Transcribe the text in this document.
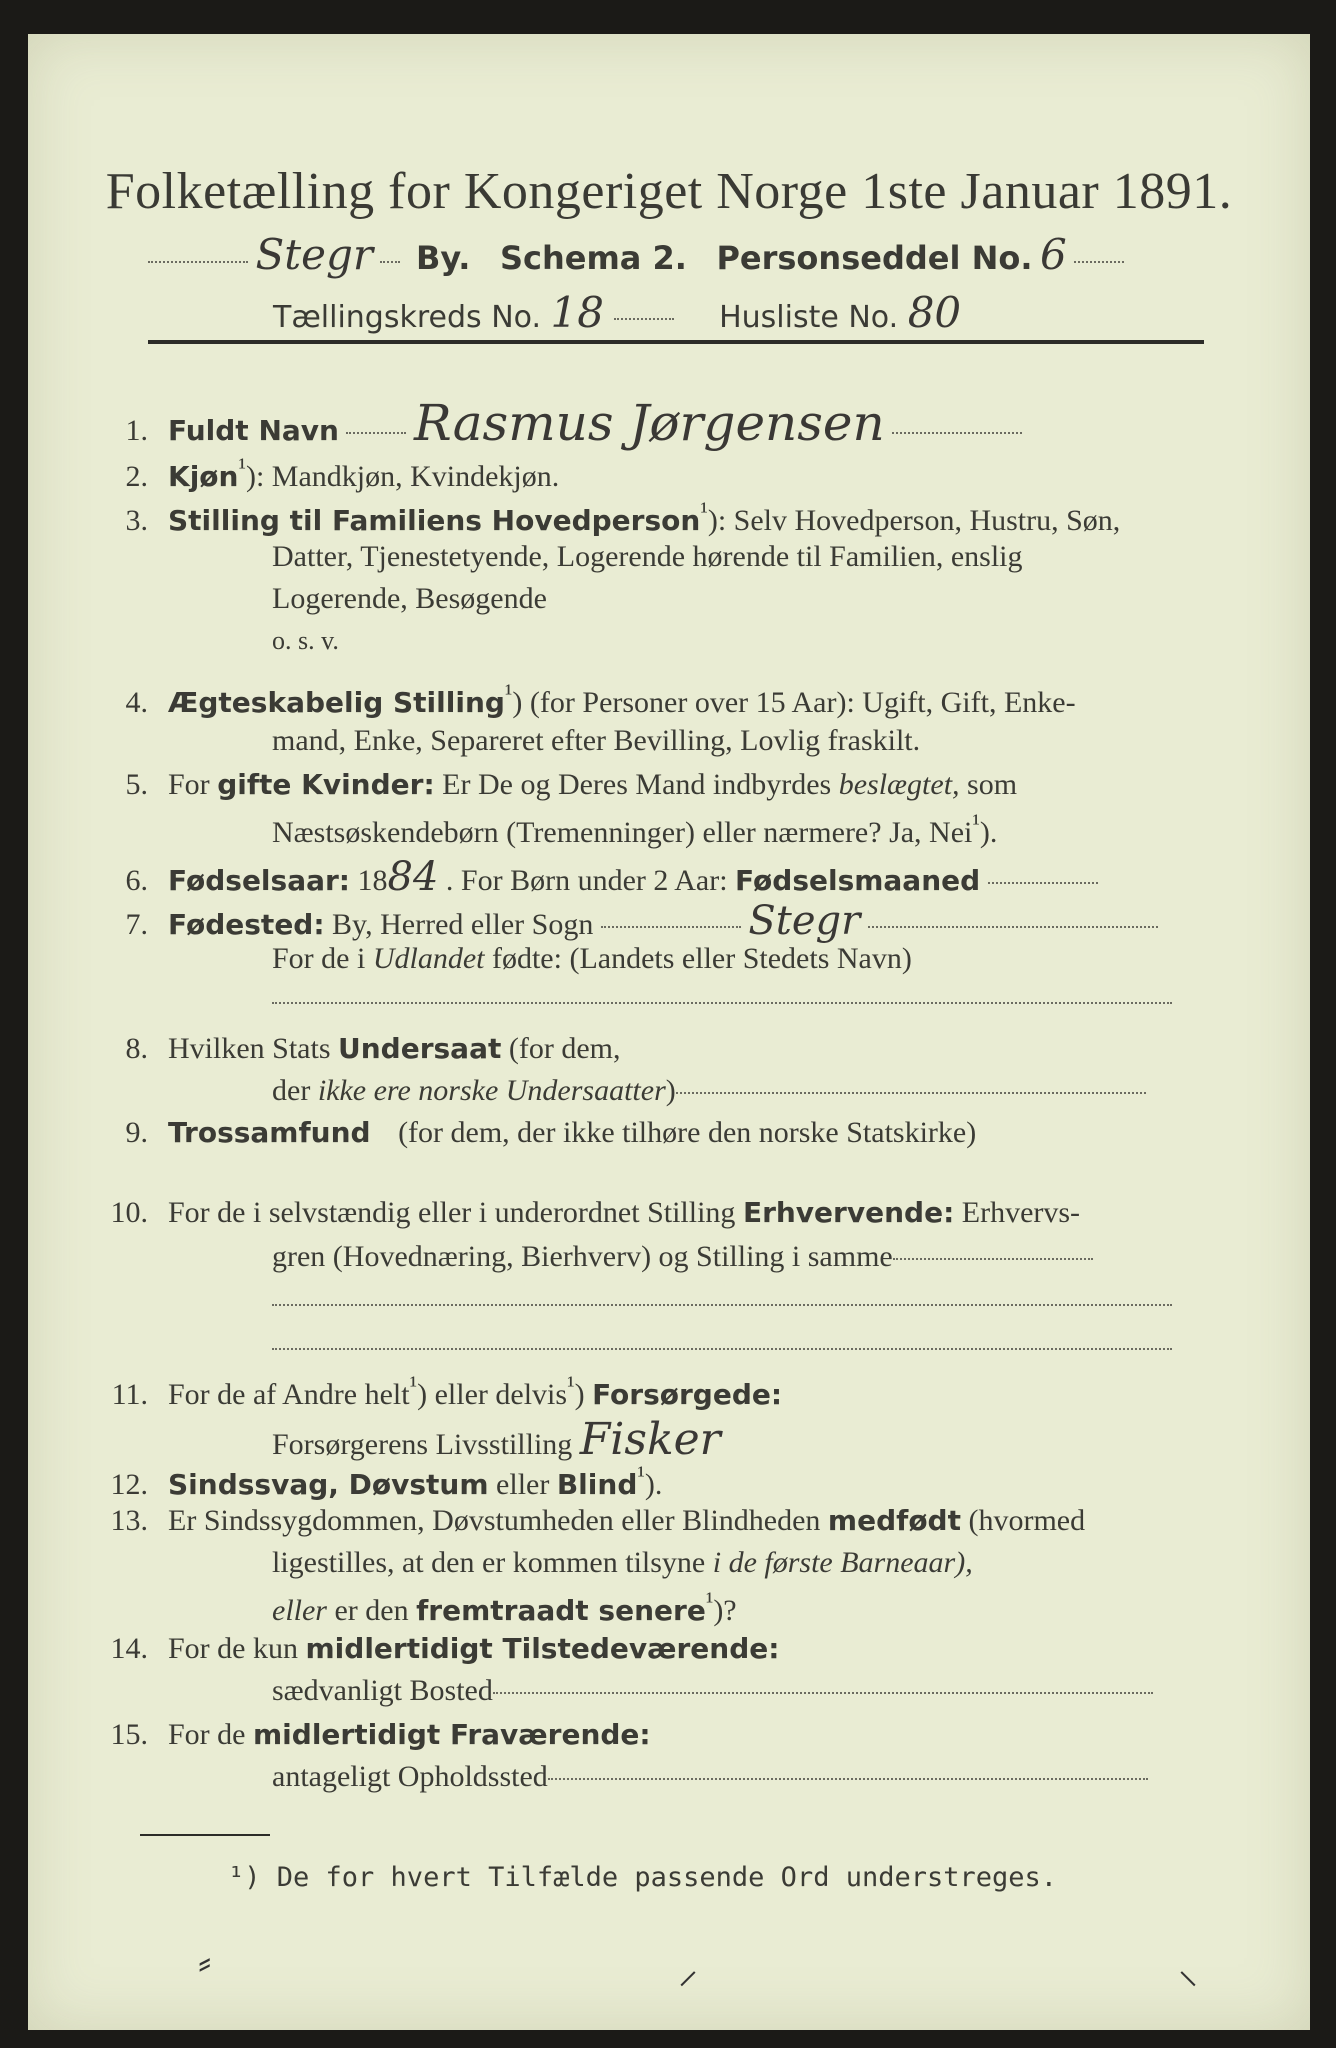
Folketælling for Kongeriget Norge 1ste Januar 1891.
Stegr By. Schema 2. Personseddel No. 6
Tællingskreds No. 18	Husliste No. 80
1. Fuldt Navn Rasmus Jørgensen
2. Kjøn$^{^1}$): Mandkjøn, Kvindekjøn.
3. Stilling til Familiens Hovedperson$^{^1}$): Selv Hovedperson, Hustru, Søn,
Datter, Tjenestetyende, Logerende hørende til Familien, enslig
Logerende, Besøgende
o. s. v.
4. Ægteskabelig Stilling$^{^1}$) (for Personer over 15 Aar): Ugift, Gift, Enke-
mand, Enke, Separeret efter Bevilling, Lovlig fraskilt.
5. For gifte Kvinder: Er De og Deres Mand indbyrdes beslægtet, som
Næstsøskendebørn (Tremenninger) eller nærmere? Ja, Nei$^{^1}$).
6. Fødselsaar: 1884 . For Børn under 2 Aar: Fødselsmaaned
7. Fødested: By, Herred eller Sogn	Stegr
For de i Udlandet fødte: (Landets eller Stedets Navn)
8. Hvilken Stats Undersaat (for dem,
der ikke ere norske Undersaatter)
9. Trossamfund (for dem, der ikke tilhøre den norske Statskirke)
10. For de i selvstændig eller i underordnet Stilling Erhvervende: Erhvervs-
gren (Hovednæring, Bierhverv) og Stilling i samme
11. For de af Andre helt$^{^1}$) eller delvis$^{^1}$) Forsørgede:
Forsørgerens Livsstilling Fisker
12. Sindssvag, Døvstum eller Blind$^{^1}$).
13. Er Sindssygdommen, Døvstumheden eller Blindheden medfødt (hvormed
ligestilles, at den er kommen tilsyne i de første Barneaar),
eller er den fremtraadt senere$^{^1}$)?
14. For de kun midlertidigt Tilstedeværende:
sædvanligt Bosted
15. For de midlertidigt Fraværende:
antageligt Opholdssted
¹) De for hvert Tilfælde passende Ord understreges.
⸗	⸝	⸜
